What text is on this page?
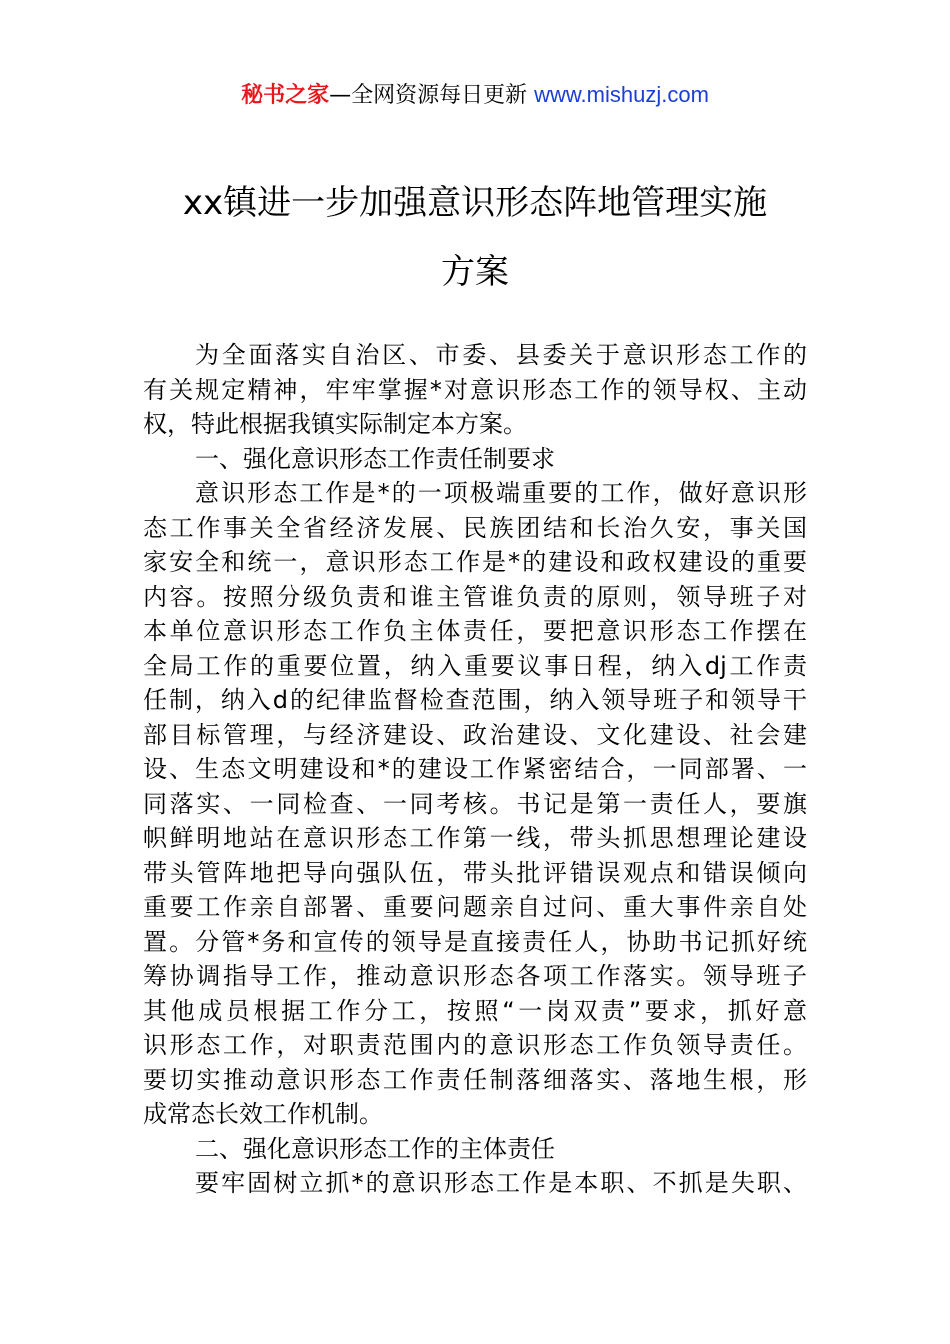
秘书之家—全网资源每日更新 www.mishuzj.com
xx镇进一步加强意识形态阵地管理实施
方案
为全面落实自治区、市委、县委关于意识形态工作的
有关规定精神，牢牢掌握*对意识形态工作的领导权、主动
权，特此根据我镇实际制定本方案。
一、强化意识形态工作责任制要求
意识形态工作是*的一项极端重要的工作，做好意识形
态工作事关全省经济发展、民族团结和长治久安，事关国
家安全和统一，意识形态工作是*的建设和政权建设的重要
内容。按照分级负责和谁主管谁负责的原则，领导班子对
本单位意识形态工作负主体责任，要把意识形态工作摆在
全局工作的重要位置，纳入重要议事日程，纳入dj工作责
任制，纳入d的纪律监督检查范围，纳入领导班子和领导干
部目标管理，与经济建设、政治建设、文化建设、社会建
设、生态文明建设和*的建设工作紧密结合，一同部署、一
同落实、一同检查、一同考核。书记是第一责任人，要旗
帜鲜明地站在意识形态工作第一线，带头抓思想理论建设
带头管阵地把导向强队伍，带头批评错误观点和错误倾向
重要工作亲自部署、重要问题亲自过问、重大事件亲自处
置。分管*务和宣传的领导是直接责任人，协助书记抓好统
筹协调指导工作，推动意识形态各项工作落实。领导班子
其他成员根据工作分工，按照“一岗双责”要求，抓好意
识形态工作，对职责范围内的意识形态工作负领导责任。
要切实推动意识形态工作责任制落细落实、落地生根，形
成常态长效工作机制。
二、强化意识形态工作的主体责任
要牢固树立抓*的意识形态工作是本职、不抓是失职、
